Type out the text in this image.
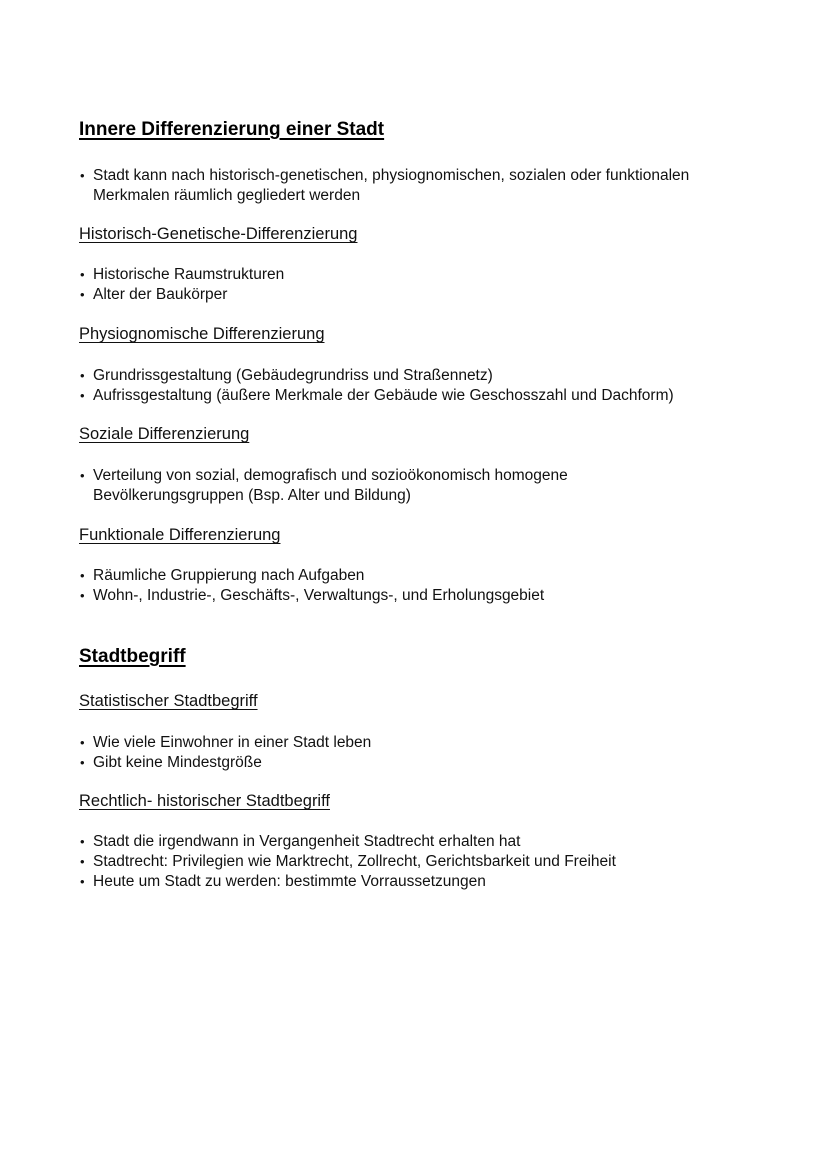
Innere Differenzierung einer Stadt
• Stadt kann nach historisch-genetischen, physiognomischen, sozialen oder funktionalen
Merkmalen räumlich gegliedert werden
Historisch-Genetische-Differenzierung
• Historische Raumstrukturen
• Alter der Baukörper
Physiognomische Differenzierung
• Grundrissgestaltung (Gebäudegrundriss und Straßennetz)
• Aufrissgestaltung (äußere Merkmale der Gebäude wie Geschosszahl und Dachform)
Soziale Differenzierung
• Verteilung von sozial, demografisch und sozioökonomisch homogene
Bevölkerungsgruppen (Bsp. Alter und Bildung)
Funktionale Differenzierung
• Räumliche Gruppierung nach Aufgaben
• Wohn-, Industrie-, Geschäfts-, Verwaltungs-, und Erholungsgebiet
Stadtbegriff
Statistischer Stadtbegriff
• Wie viele Einwohner in einer Stadt leben
• Gibt keine Mindestgröße
Rechtlich- historischer Stadtbegriff
• Stadt die irgendwann in Vergangenheit Stadtrecht erhalten hat
• Stadtrecht: Privilegien wie Marktrecht, Zollrecht, Gerichtsbarkeit und Freiheit
• Heute um Stadt zu werden: bestimmte Vorraussetzungen
